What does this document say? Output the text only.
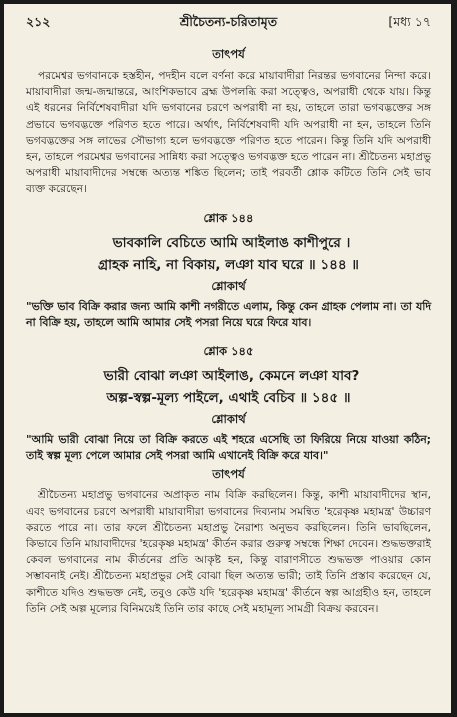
২১২	শ্রীচৈতন্য-চরিতামৃত	[মধ্য ১৭
তাৎপর্য

পরমেশ্বর ভগবানকে হস্তহীন, পদহীন বলে বর্ণনা করে মায়াবাদীরা নিরন্তর ভগবানের নিন্দা করে। মায়াবাদীরা জন্ম-জন্মান্তরে, আংশিকভাবে ব্রহ্ম উপলব্ধি করা সত্ত্বেও, অপরাধী থেকে যায়। কিন্তু এই ধরনের নির্বিশেষবাদীরা যদি ভগবানের চরণে অপরাধী না হয়, তাহলে তারা ভগবদ্ভক্তের সঙ্গ প্রভাবে ভগবদ্ভক্তে পরিণত হতে পারে। অর্থাৎ, নির্বিশেষবাদী যদি অপরাধী না হন, তাহলে তিনি ভগবদ্ভক্তের সঙ্গ লাভের সৌভাগ্য হলে ভগবদ্ভক্তে পরিণত হতে পারেন। কিন্তু তিনি যদি অপরাধী হন, তাহলে পরমেশ্বর ভগবানের সান্নিধ্য করা সত্ত্বেও ভগবদ্ভক্ত হতে পারেন না। শ্রীচৈতন্য মহাপ্রভু অপরাধী মায়াবাদীদের সম্বন্ধে অত্যন্ত শঙ্কিত ছিলেন; তাই পরবর্তী শ্লোক কটিতে তিনি সেই ভাব ব্যক্ত করেছেন।

শ্লোক ১৪৪
ভাবকালি বেচিতে আমি আইলাঙ কাশীপুরে ।
গ্রাহক নাহি, না বিকায়, লঞা যাব ঘরে ॥ ১৪৪ ॥
শ্লোকার্থ

"ভক্তি ভাব বিক্রি করার জন্য আমি কাশী নগরীতে এলাম, কিন্তু কেন গ্রাহক পেলাম না। তা যদি না বিক্রি হয়, তাহলে আমি আমার সেই পসরা নিয়ে ঘরে ফিরে যাব।

শ্লোক ১৪৫
ভারী বোঝা লঞা আইলাঙ, কেমনে লঞা যাব?
অল্প-স্বল্প-মূল্য পাইলে, এথাই বেচিব ॥ ১৪৫ ॥
শ্লোকার্থ

"আমি ভারী বোঝা নিয়ে তা বিক্রি করতে এই শহরে এসেছি তা ফিরিয়ে নিয়ে যাওয়া কঠিন; তাই স্বল্প মূল্য পেলে আমার সেই পসরা আমি এখানেই বিক্রি করে যাব।"

তাৎপর্য

শ্রীচৈতন্য মহাপ্রভু ভগবানের অপ্রাকৃত নাম বিক্রি করছিলেন। কিন্তু, কাশী মায়াবাদীদের স্থান, এবং ভগবানের চরণে অপরাধী মায়াবাদীরা ভগবানের দিব্যনাম সমন্বিত 'হরেকৃষ্ণ মহামন্ত্র' উচ্চারণ করতে পারে না। তার ফলে শ্রীচৈতন্য মহাপ্রভু নৈরাশ্য অনুভব করছিলেন। তিনি ভাবছিলেন, কিভাবে তিনি মায়াবাদীদের 'হরেকৃষ্ণ মহামন্ত্র' কীর্তন করার গুরুত্ব সম্বন্ধে শিক্ষা দেবেন। শুদ্ধভক্তরাই কেবল ভগবানের নাম কীর্তনের প্রতি আকৃষ্ট হন, কিন্তু বারাণসীতে শুদ্ধভক্ত পাওয়ার কোন সম্ভাবনাই নেই। শ্রীচৈতন্য মহাপ্রভুর সেই বোঝা ছিল অত্যন্ত ভারী; তাই তিনি প্রস্তাব করেছেন যে, কাশীতে যদিও শুদ্ধভক্ত নেই, তবুও কেউ যদি 'হরেকৃষ্ণ মহামন্ত্র' কীর্তনে স্বল্প আগ্রহীও হন, তাহলে তিনি সেই অল্প মূল্যের বিনিময়েই তিনি তার কাছে সেই মহামূল্য সামগ্রী বিক্রয় করবেন।
